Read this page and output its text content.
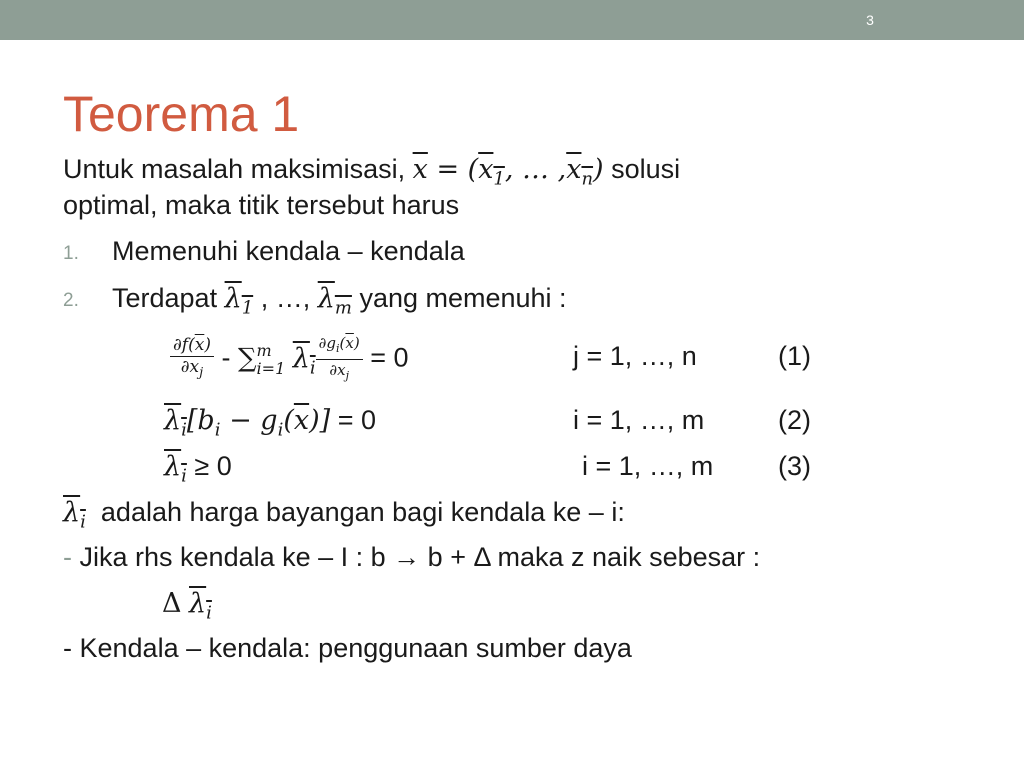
3
Teorema 1
Untuk masalah maksimisasi, $\overline{x} = (x_1$, … $,x_n$) solusi
optimal, maka titik tersebut harus
1. Memenuhi kendala – kendala
2. Terdapat $\lambda_1$ , …, $\lambda_m$ yang memenuhi :
$\frac{\partial f(\overline{x})}{\partial x_j}$ - ∑ m
i=1 $\lambda_i \frac{\partial g_i(\overline{x})}{\partial x_j} = 0$	j = 1, …, n	(1)
$\lambda_i[b_i - g_i(\overline{x})] = 0$	i = 1, …, m	(2)
$\lambda_i \ge 0$	i = 1, …, m (3)
$\lambda_i$ adalah harga bayangan bagi kendala ke – i:
- Jika rhs kendala ke – I : b → b + Δ maka z naik sebesar :
Δ $\lambda_i$
- Kendala – kendala: penggunaan sumber daya
